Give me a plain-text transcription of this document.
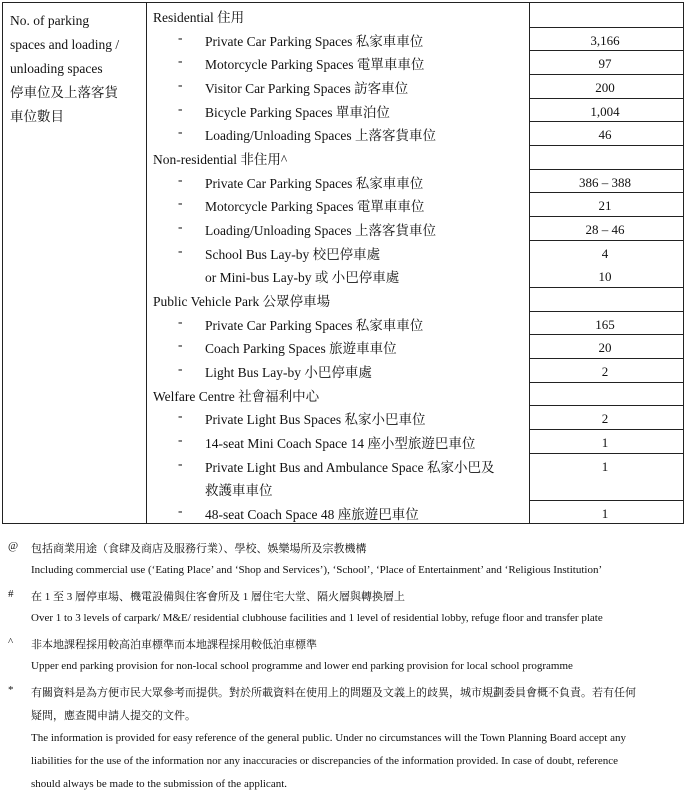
No. of parking
spaces and loading /
unloading spaces
停車位及上落客貨
車位數目
Residential 住用
- Private Car Parking Spaces 私家車車位	3,166
- Motorcycle Parking Spaces 電單車車位	97
- Visitor Car Parking Spaces 訪客車位	200
- Bicycle Parking Spaces 單車泊位	1,004
- Loading/Unloading Spaces 上落客貨車位	46
Non-residential 非住用^
- Private Car Parking Spaces 私家車車位	386 – 388
- Motorcycle Parking Spaces 電單車車位	21
- Loading/Unloading Spaces 上落客貨車位	28 – 46
- School Bus Lay-by 校巴停車處	4
or Mini-bus Lay-by 或 小巴停車處	10
Public Vehicle Park 公眾停車場
- Private Car Parking Spaces 私家車車位	165
- Coach Parking Spaces 旅遊車車位	20
- Light Bus Lay-by 小巴停車處	2
Welfare Centre 社會福利中心
- Private Light Bus Spaces 私家小巴車位	2
- 14-seat Mini Coach Space 14 座小型旅遊巴車位	1
- Private Light Bus and Ambulance Space 私家小巴及	1
救護車車位
- 48-seat Coach Space 48 座旅遊巴車位	1
@ 包括商業用途（食肆及商店及服務行業）、學校、娛樂場所及宗教機構
Including commercial use (‘Eating Place’ and ‘Shop and Services’), ‘School’, ‘Place of Entertainment’ and ‘Religious Institution’
# 在 1 至 3 層停車場、機電設備與住客會所及 1 層住宅大堂、隔火層與轉換層上
Over 1 to 3 levels of carpark/ M&E/ residential clubhouse facilities and 1 level of residential lobby, refuge floor and transfer plate
^ 非本地課程採用較高泊車標準而本地課程採用較低泊車標準
Upper end parking provision for non-local school programme and lower end parking provision for local school programme
* 有關資料是為方便市民大眾參考而提供。對於所載資料在使用上的問題及文義上的歧異，城市規劃委員會概不負責。若有任何
疑問，應查閱申請人提交的文件。
The information is provided for easy reference of the general public. Under no circumstances will the Town Planning Board accept any
liabilities for the use of the information nor any inaccuracies or discrepancies of the information provided. In case of doubt, reference
should always be made to the submission of the applicant.
